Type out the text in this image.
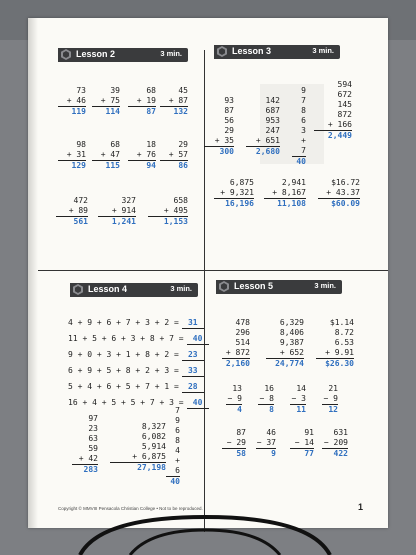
Lesson 2	3 min.	Lesson 3	3 min.
Lesson 4	3 min.	Lesson 5	3 min.
73
+ 46
119
39
+ 75
114
68
+ 19
87
45
+ 87
132
98
+ 31
129
68
+ 47
115
18
+ 76
94
29
+ 57
86
472
+ 89
561
327
+ 914
1,241
658
+ 495
1,153
93
87
56
29
+ 35
300
142
687
953
247
+ 651
2,680
9
7
8
6
3
+ 7
40
594
672
145
872
+ 166
2,449
6,875
+ 9,321
16,196
2,941
+ 8,167
11,108
$16.72
+ 43.37
$60.09
4 + 9 + 6 + 7 + 3 + 2 = 31
11 + 5 + 6 + 3 + 8 + 7 = 40
9 + 0 + 3 + 1 + 8 + 2 = 23
6 + 9 + 5 + 8 + 2 + 3 = 33
5 + 4 + 6 + 5 + 7 + 1 = 28
16 + 4 + 5 + 5 + 7 + 3 = 40
97
23
63
59
+ 42
283
8,327
6,082
5,914
+ 6,875
27,198
7
9
6
8
4
+ 6
40
478
296
514
+ 872
2,160
6,329
8,406
9,387
+ 652
24,774
$1.14
8.72
6.53
+ 9.91
$26.30
13
− 9
4
16
− 8
8
14
− 3
11
21
− 9
12
87
− 29
58
46
− 37
9
91
− 14
77
631
− 209
422
Copyright © MMVIII Pensacola Christian College • Not to be reproduced.	1
